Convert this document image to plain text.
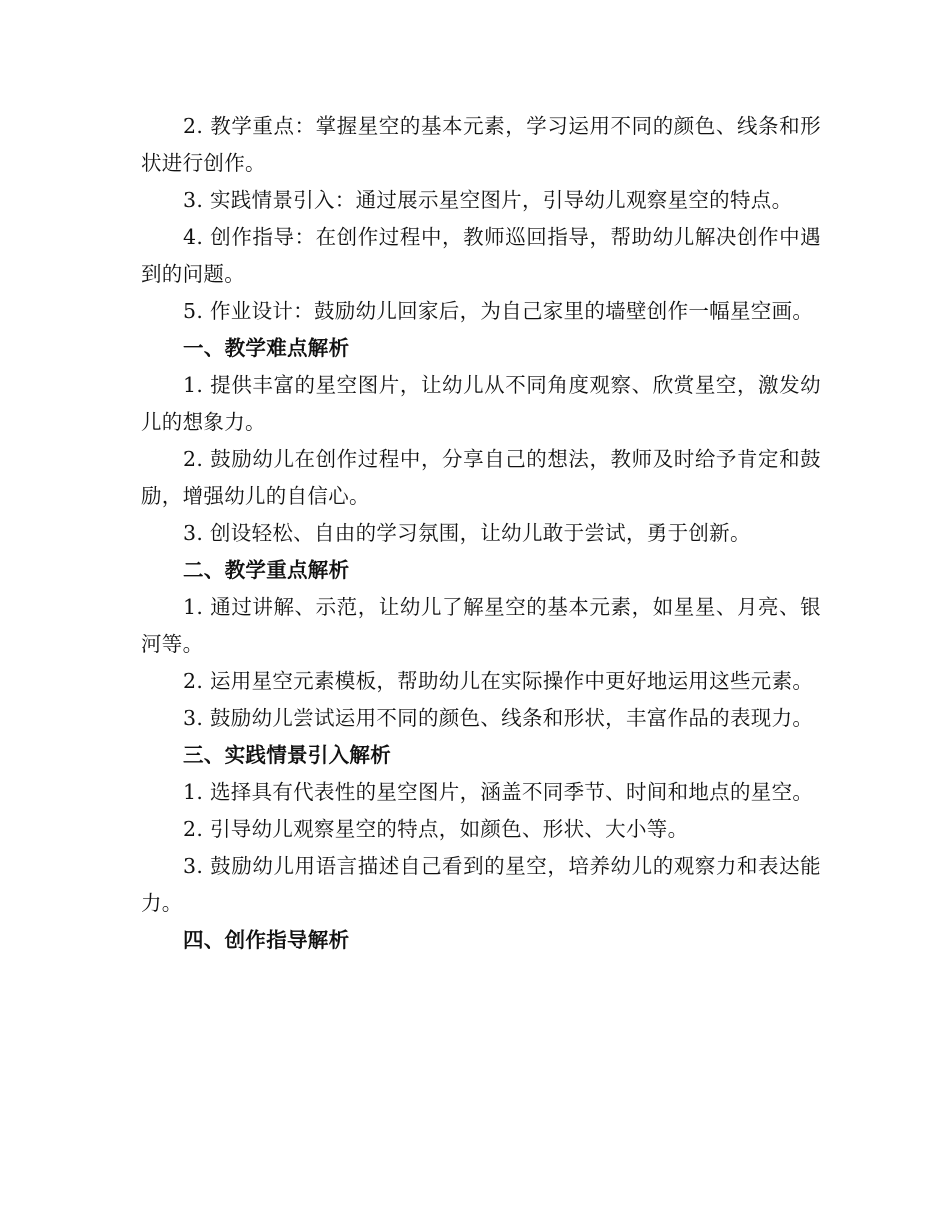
2. 教学重点：掌握星空的基本元素，学习运用不同的颜色、线条和形状进行创作。

3. 实践情景引入：通过展示星空图片，引导幼儿观察星空的特点。

4. 创作指导：在创作过程中，教师巡回指导，帮助幼儿解决创作中遇到的问题。

5. 作业设计：鼓励幼儿回家后，为自己家里的墙壁创作一幅星空画。

一、教学难点解析

1. 提供丰富的星空图片，让幼儿从不同角度观察、欣赏星空，激发幼儿的想象力。

2. 鼓励幼儿在创作过程中，分享自己的想法，教师及时给予肯定和鼓励，增强幼儿的自信心。

3. 创设轻松、自由的学习氛围，让幼儿敢于尝试，勇于创新。

二、教学重点解析

1. 通过讲解、示范，让幼儿了解星空的基本元素，如星星、月亮、银河等。

2. 运用星空元素模板，帮助幼儿在实际操作中更好地运用这些元素。

3. 鼓励幼儿尝试运用不同的颜色、线条和形状，丰富作品的表现力。

三、实践情景引入解析

1. 选择具有代表性的星空图片，涵盖不同季节、时间和地点的星空。

2. 引导幼儿观察星空的特点，如颜色、形状、大小等。

3. 鼓励幼儿用语言描述自己看到的星空，培养幼儿的观察力和表达能力。

四、创作指导解析
